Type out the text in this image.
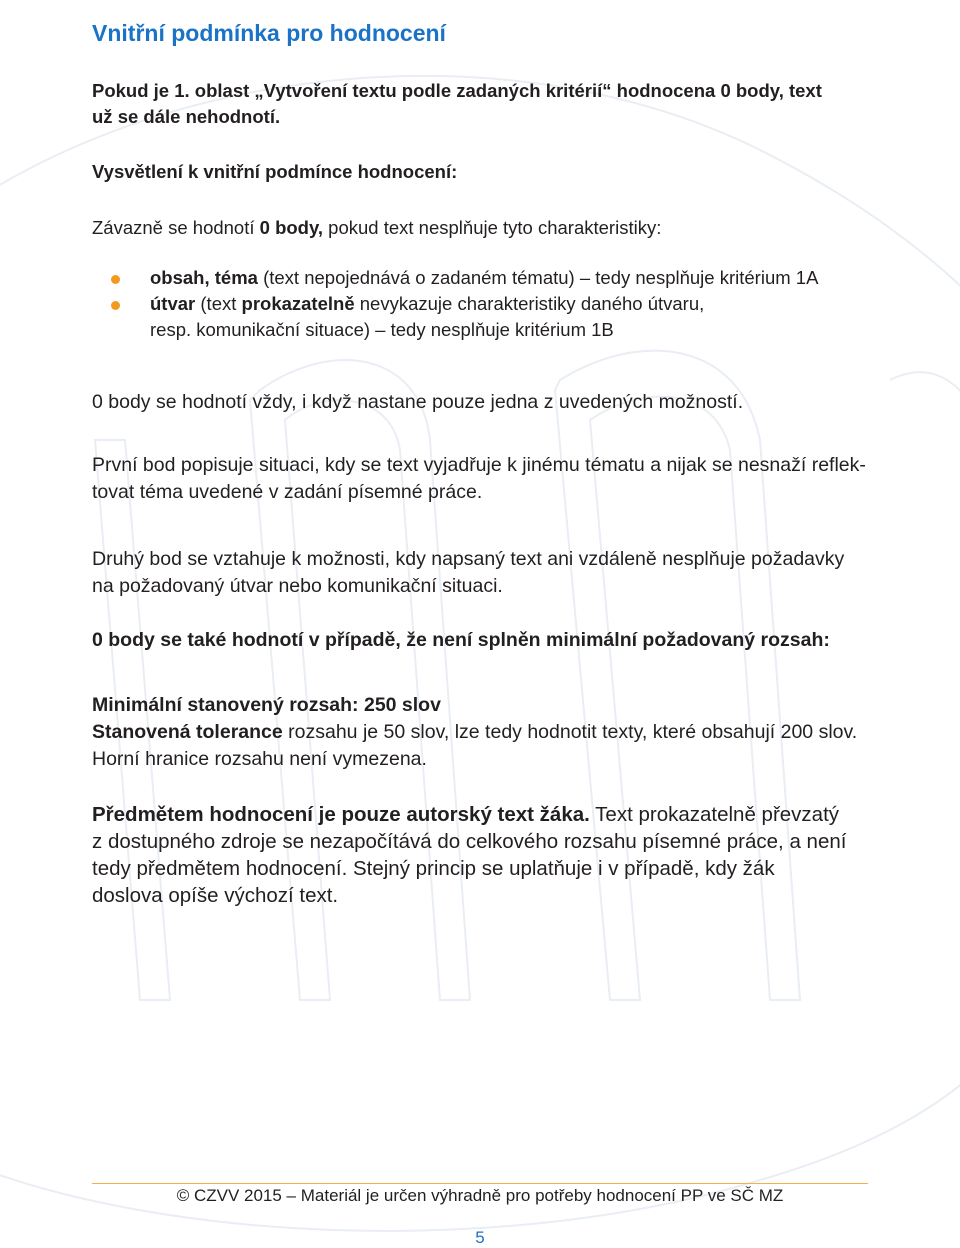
Vnitřní podmínka pro hodnocení
Pokud je 1. oblast „Vytvoření textu podle zadaných kritérií“ hodnocena 0 body, text
už se dále nehodnotí.
Vysvětlení k vnitřní podmínce hodnocení:
Závazně se hodnotí 0 body, pokud text nesplňuje tyto charakteristiky:
obsah, téma (text nepojednává o zadaném tématu) – tedy nesplňuje kritérium 1A
útvar (text prokazatelně nevykazuje charakteristiky daného útvaru,
resp. komunikační situace) – tedy nesplňuje kritérium 1B
0 body se hodnotí vždy, i když nastane pouze jedna z uvedených možností.
První bod popisuje situaci, kdy se text vyjadřuje k jinému tématu a nijak se nesnaží reflek-
tovat téma uvedené v zadání písemné práce.
Druhý bod se vztahuje k možnosti, kdy napsaný text ani vzdáleně nesplňuje požadavky
na požadovaný útvar nebo komunikační situaci.
0 body se také hodnotí v případě, že není splněn minimální požadovaný rozsah:
Minimální stanovený rozsah: 250 slov
Stanovená tolerance rozsahu je 50 slov, lze tedy hodnotit texty, které obsahují 200 slov.
Horní hranice rozsahu není vymezena.
Předmětem hodnocení je pouze autorský text žáka. Text prokazatelně převzatý
z dostupného zdroje se nezapočítává do celkového rozsahu písemné práce, a není
tedy předmětem hodnocení. Stejný princip se uplatňuje i v případě, kdy žák
doslova opíše výchozí text.
© CZVV 2015 – Materiál je určen výhradně pro potřeby hodnocení PP ve SČ MZ
5
